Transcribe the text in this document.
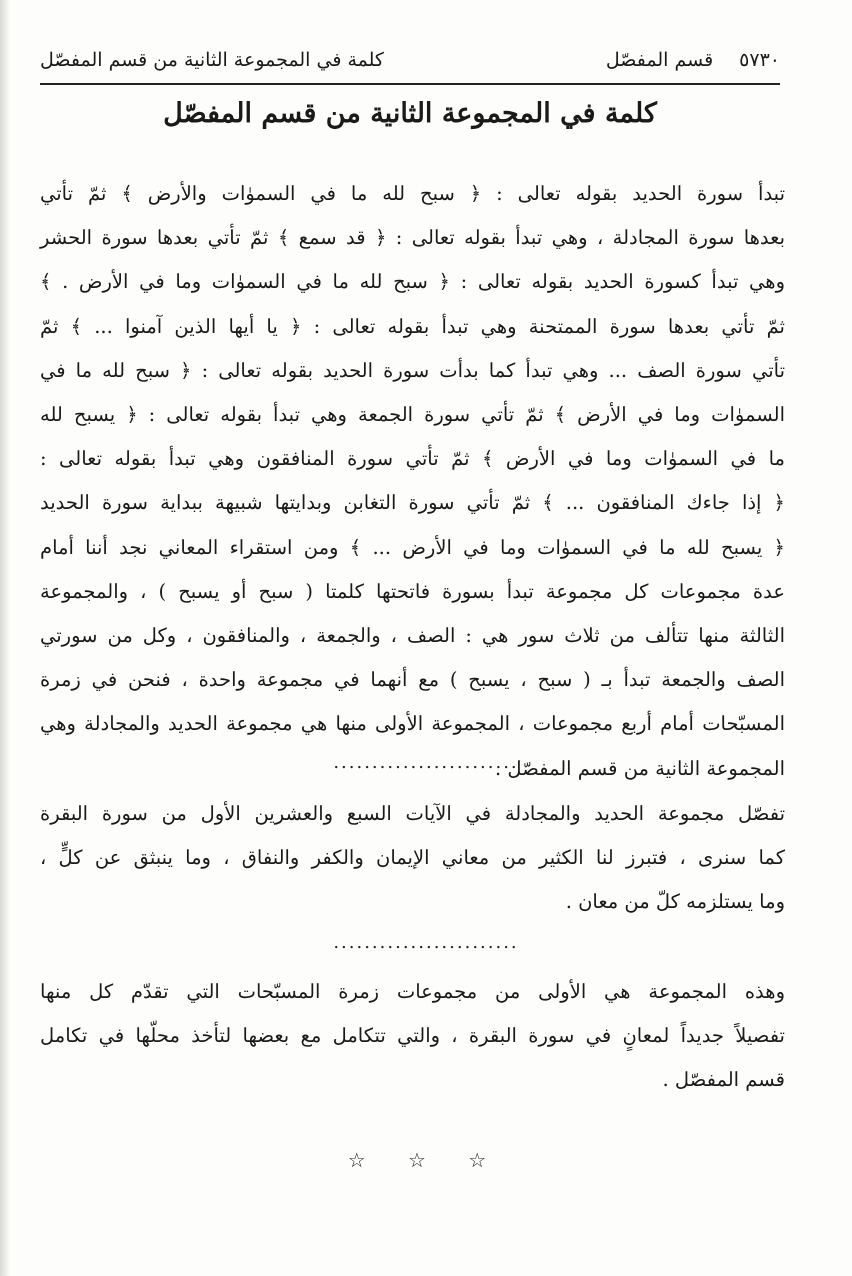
٥٧٣٠
قسم المفصّل
كلمة في المجموعة الثانية من قسم المفصّل
كلمة في المجموعة الثانية من قسم المفصّل
تبدأ سورة الحديد بقوله تعالى : ﴿ سبح لله ما في السموٰات والأرض ﴾ ثمّ تأتي
بعدها سورة المجادلة ، وهي تبدأ بقوله تعالى : ﴿ قد سمع ﴾ ثمّ تأتي بعدها سورة الحشر
وهي تبدأ كسورة الحديد بقوله تعالى : ﴿ سبح لله ما في السموٰات وما في الأرض . ﴾
ثمّ تأتي بعدها سورة الممتحنة وهي تبدأ بقوله تعالى : ﴿ يا أيها الذين آمنوا ... ﴾ ثمّ
تأتي سورة الصف ... وهي تبدأ كما بدأت سورة الحديد بقوله تعالى : ﴿ سبح لله ما في
السموٰات وما في الأرض ﴾ ثمّ تأتي سورة الجمعة وهي تبدأ بقوله تعالى : ﴿ يسبح لله
ما في السموٰات وما في الأرض ﴾ ثمّ تأتي سورة المنافقون وهي تبدأ بقوله تعالى :
﴿ إذا جاءك المنافقون ... ﴾ ثمّ تأتي سورة التغابن وبدايتها شبيهة ببداية سورة الحديد
﴿ يسبح لله ما في السموٰات وما في الأرض ... ﴾ ومن استقراء المعاني نجد أننا أمام
عدة مجموعات كل مجموعة تبدأ بسورة فاتحتها كلمتا ( سبح أو يسبح ) ، والمجموعة
الثالثة منها تتألف من ثلاث سور هي : الصف ، والجمعة ، والمنافقون ، وكل من سورتي
الصف والجمعة تبدأ بـ ( سبح ، يسبح ) مع أنهما في مجموعة واحدة ، فنحن في زمرة
المسبّحات أمام أربع مجموعات ، المجموعة الأولى منها هي مجموعة الحديد والمجادلة وهي
المجموعة الثانية من قسم المفصّل .
........................
تفصّل مجموعة الحديد والمجادلة في الآيات السبع والعشرين الأول من سورة البقرة
كما سنرى ، فتبرز لنا الكثير من معاني الإيمان والكفر والنفاق ، وما ينبثق عن كلٍّ ،
وما يستلزمه كلّ من معان .
........................
وهذه المجموعة هي الأولى من مجموعات زمرة المسبّحات التي تقدّم كل منها
تفصيلاً جديداً لمعانٍ في سورة البقرة ، والتي تتكامل مع بعضها لتأخذ محلّها في تكامل
قسم المفصّل .
☆ ☆ ☆
